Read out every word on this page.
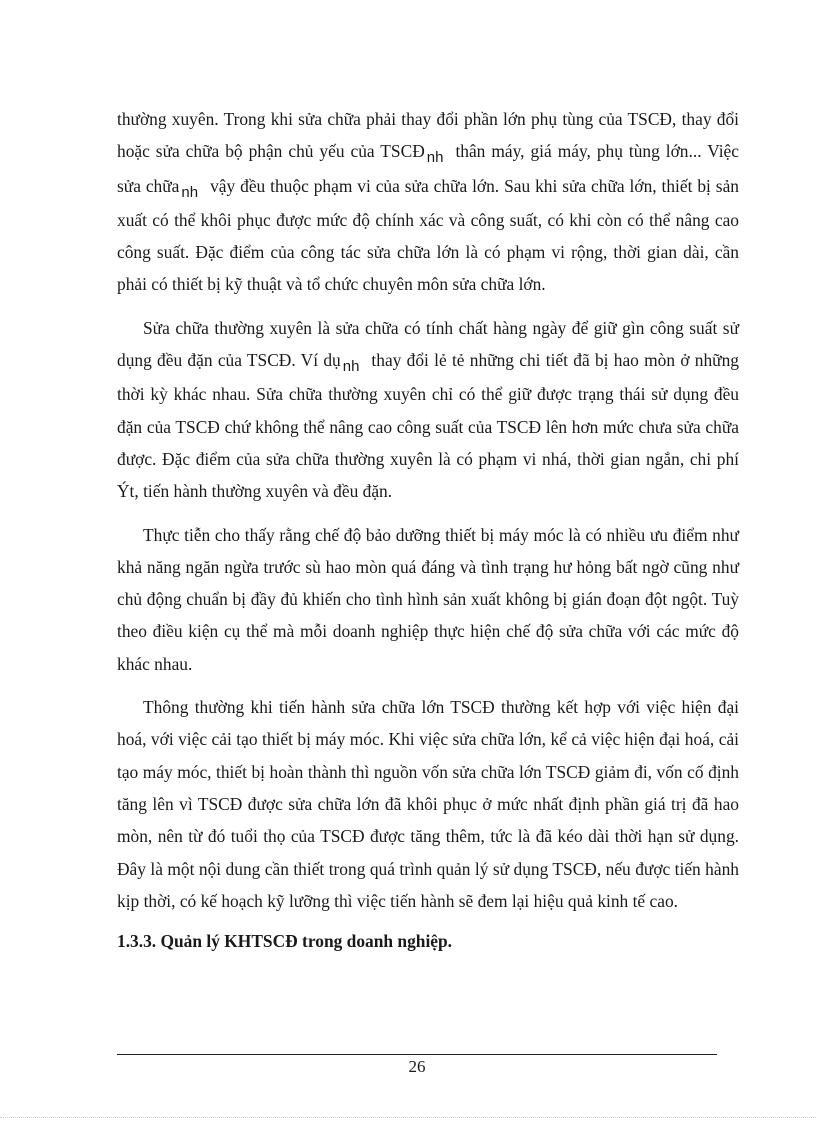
thường xuyên. Trong khi sửa chữa phải thay đổi phần lớn phụ tùng của TSCĐ, thay đổi hoặc sửa chữa bộ phận chủ yếu của TSCĐ nh thân máy, giá máy, phụ tùng lớn... Việc sửa chữa nh vậy đều thuộc phạm vi của sửa chữa lớn. Sau khi sửa chữa lớn, thiết bị sản xuất có thể khôi phục được mức độ chính xác và công suất, có khi còn có thể nâng cao công suất. Đặc điểm của công tác sửa chữa lớn là có phạm vi rộng, thời gian dài, cần phải có thiết bị kỹ thuật và tổ chức chuyên môn sửa chữa lớn.

Sửa chữa thường xuyên là sửa chữa có tính chất hàng ngày để giữ gìn công suất sử dụng đều đặn của TSCĐ. Ví dụ nh thay đổi lẻ tẻ những chi tiết đã bị hao mòn ở những thời kỳ khác nhau. Sửa chữa thường xuyên chỉ có thể giữ được trạng thái sử dụng đều đặn của TSCĐ chứ không thể nâng cao công suất của TSCĐ lên hơn mức chưa sửa chữa được. Đặc điểm của sửa chữa thường xuyên là có phạm vi nhá, thời gian ngắn, chi phí Ýt, tiến hành thường xuyên và đều đặn.

Thực tiễn cho thấy rằng chế độ bảo dưỡng thiết bị máy móc là có nhiều ưu điểm như khả năng ngăn ngừa trước sù hao mòn quá đáng và tình trạng hư hỏng bất ngờ cũng như chủ động chuẩn bị đầy đủ khiến cho tình hình sản xuất không bị gián đoạn đột ngột. Tuỳ theo điều kiện cụ thể mà mỗi doanh nghiệp thực hiện chế độ sửa chữa với các mức độ khác nhau.

Thông thường khi tiến hành sửa chữa lớn TSCĐ thường kết hợp với việc hiện đại hoá, với việc cải tạo thiết bị máy móc. Khi việc sửa chữa lớn, kể cả việc hiện đại hoá, cải tạo máy móc, thiết bị hoàn thành thì nguồn vốn sửa chữa lớn TSCĐ giảm đi, vốn cố định tăng lên vì TSCĐ được sửa chữa lớn đã khôi phục ở mức nhất định phần giá trị đã hao mòn, nên từ đó tuổi thọ của TSCĐ được tăng thêm, tức là đã kéo dài thời hạn sử dụng. Đây là một nội dung cần thiết trong quá trình quản lý sử dụng TSCĐ, nếu được tiến hành kịp thời, có kế hoạch kỹ lưỡng thì việc tiến hành sẽ đem lại hiệu quả kinh tế cao.

1.3.3. Quản lý KHTSCĐ trong doanh nghiệp.

26
